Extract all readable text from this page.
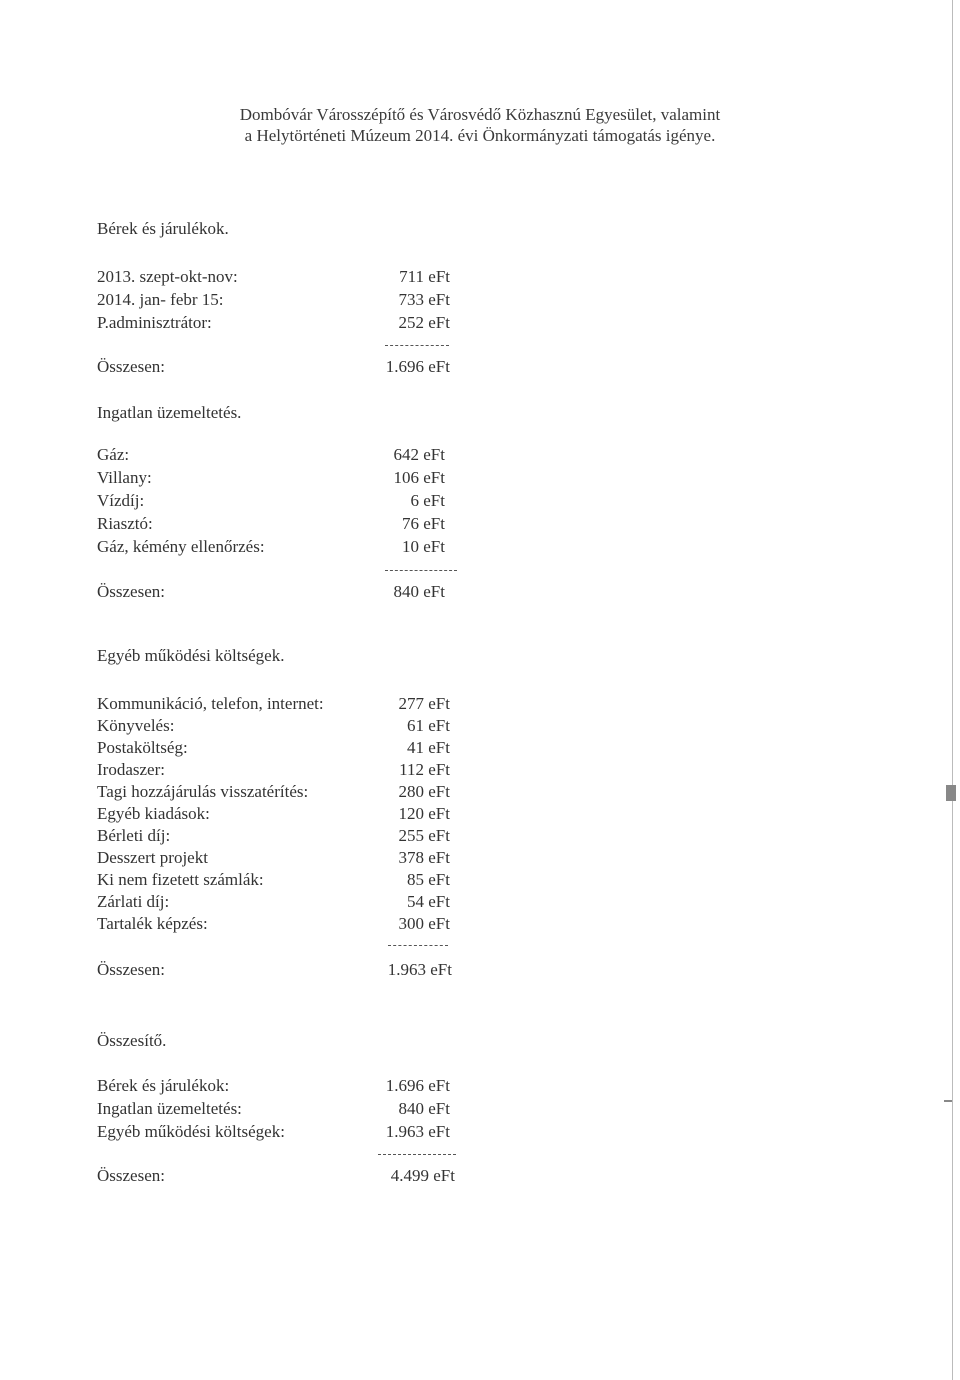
Dombóvár Városszépítő és Városvédő Közhasznú Egyesület, valamint
a Helytörténeti Múzeum 2014. évi Önkormányzati támogatás igénye.
Bérek és járulékok.
2013. szept-okt-nov:	711 eFt
2014. jan- febr 15:	733 eFt
P.adminisztrátor:	252 eFt
Összesen:	1.696 eFt
Ingatlan üzemeltetés.
Gáz:	642 eFt
Villany:	106 eFt
Vízdíj:	6 eFt
Riasztó:	76 eFt
Gáz, kémény ellenőrzés:	10 eFt
Összesen:	840 eFt
Egyéb működési költségek.
Kommunikáció, telefon, internet:	277 eFt
Könyvelés:	61 eFt
Postaköltség:	41 eFt
Irodaszer:	112 eFt
Tagi hozzájárulás visszatérítés:	280 eFt
Egyéb kiadások:	120 eFt
Bérleti díj:	255 eFt
Desszert projekt	378 eFt
Ki nem fizetett számlák:	85 eFt
Zárlati díj:	54 eFt
Tartalék képzés:	300 eFt
Összesen:	1.963 eFt
Összesítő.
Bérek és járulékok:	1.696 eFt
Ingatlan üzemeltetés:	840 eFt
Egyéb működési költségek:	1.963 eFt
Összesen:	4.499 eFt
